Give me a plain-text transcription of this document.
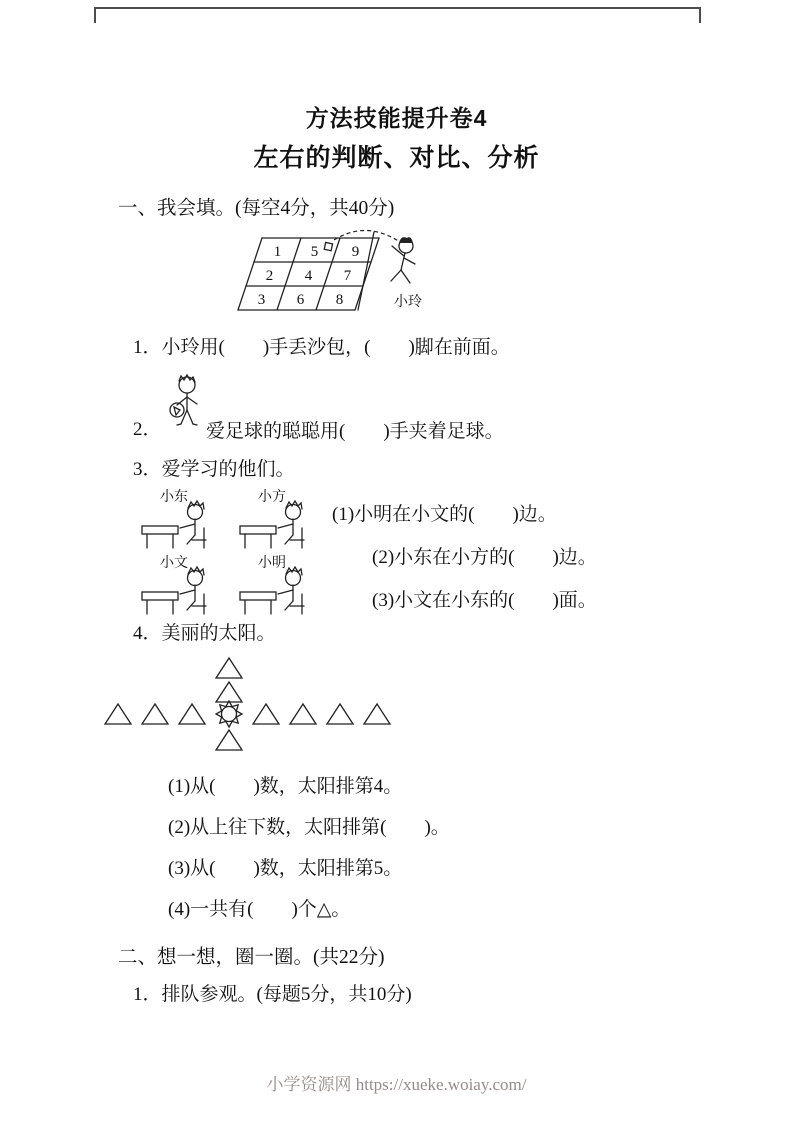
方法技能提升卷4
左右的判断、对比、分析
一、我会填。(每空4分，共40分)
1 5 9
2 4 7
3 6 8	小玲
1．小玲用(　　)手丢沙包，(　　)脚在前面。
2． 爱足球的聪聪用(　　)手夹着足球。
3．爱学习的他们。
小东	小方
小文	小明
(1)小明在小文的(　　)边。
(2)小东在小方的(　　)边。
(3)小文在小东的(　　)面。
4．美丽的太阳。
(1)从(　　)数，太阳排第4。
(2)从上往下数，太阳排第(　　)。
(3)从(　　)数，太阳排第5。
(4)一共有(　　)个△。
二、想一想，圈一圈。(共22分)
1．排队参观。(每题5分，共10分)
小学资源网 https://xueke.woiay.com/
